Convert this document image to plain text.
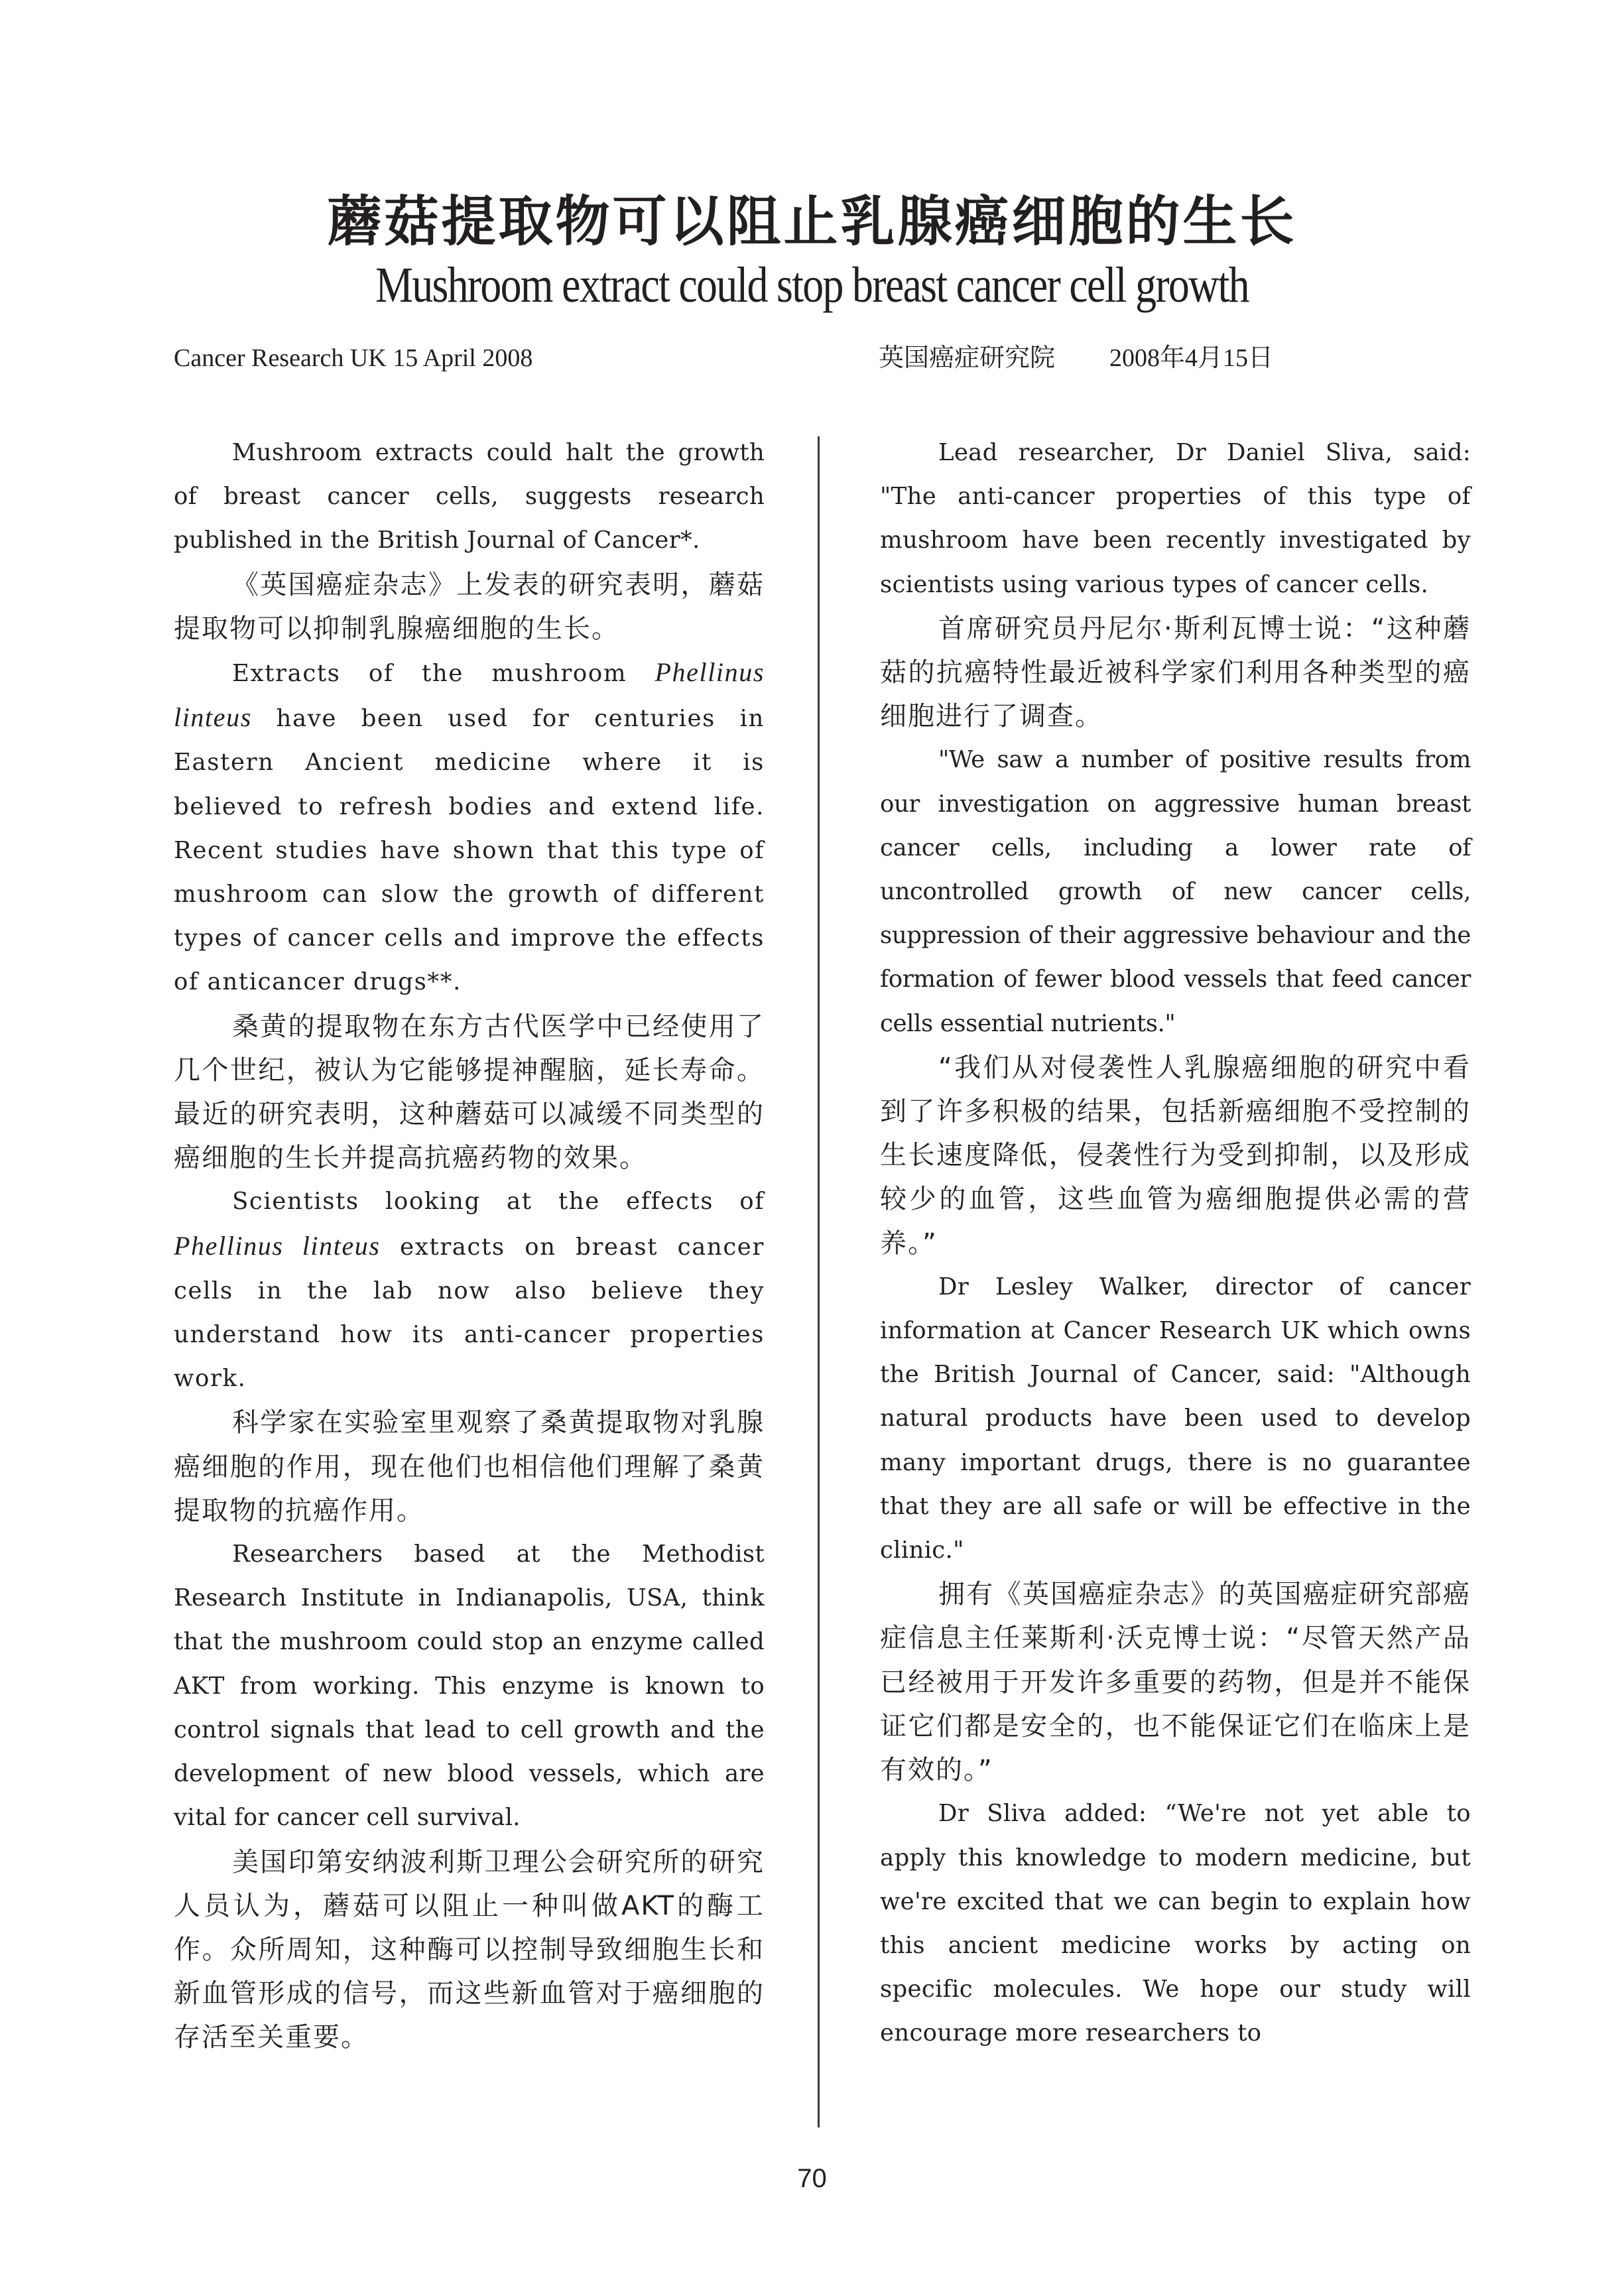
蘑菇提取物可以阻止乳腺癌细胞的生长
Mushroom extract could stop breast cancer cell growth
Cancer Research UK 15 April 2008	英国癌症研究院 2008年4月15日

Mushroom extracts could halt the growth of breast cancer cells, suggests research published in the British Journal of Cancer*.

《英国癌症杂志》上发表的研究表明，蘑菇提取物可以抑制乳腺癌细胞的生长。

Extracts of the mushroom Phellinus linteus have been used for centuries in Eastern Ancient medicine where it is believed to refresh bodies and extend life. Recent studies have shown that this type of mushroom can slow the growth of different types of cancer cells and improve the effects of anticancer drugs**.

桑黄的提取物在东方古代医学中已经使用了几个世纪，被认为它能够提神醒脑，延长寿命。最近的研究表明，这种蘑菇可以减缓不同类型的癌细胞的生长并提高抗癌药物的效果。

Scientists looking at the effects of Phellinus linteus extracts on breast cancer cells in the lab now also believe they understand how its anti-cancer properties work.

科学家在实验室里观察了桑黄提取物对乳腺癌细胞的作用，现在他们也相信他们理解了桑黄提取物的抗癌作用。

Researchers based at the Methodist Research Institute in Indianapolis, USA, think that the mushroom could stop an enzyme called AKT from working. This enzyme is known to control signals that lead to cell growth and the development of new blood vessels, which are vital for cancer cell survival.

美国印第安纳波利斯卫理公会研究所的研究人员认为，蘑菇可以阻止一种叫做AKT的酶工作。众所周知，这种酶可以控制导致细胞生长和新血管形成的信号，而这些新血管对于癌细胞的存活至关重要。

Lead researcher, Dr Daniel Sliva, said: "The anti-cancer properties of this type of mushroom have been recently investigated by scientists using various types of cancer cells.

首席研究员丹尼尔·斯利瓦博士说：“这种蘑菇的抗癌特性最近被科学家们利用各种类型的癌细胞进行了调查。

"We saw a number of positive results from our investigation on aggressive human breast cancer cells, including a lower rate of uncontrolled growth of new cancer cells, suppression of their aggressive behaviour and the formation of fewer blood vessels that feed cancer cells essential nutrients."

“我们从对侵袭性人乳腺癌细胞的研究中看到了许多积极的结果，包括新癌细胞不受控制的生长速度降低，侵袭性行为受到抑制，以及形成较少的血管，这些血管为癌细胞提供必需的营养。”

Dr Lesley Walker, director of cancer information at Cancer Research UK which owns the British Journal of Cancer, said: "Although natural products have been used to develop many important drugs, there is no guarantee that they are all safe or will be effective in the clinic."

拥有《英国癌症杂志》的英国癌症研究部癌症信息主任莱斯利·沃克博士说：“尽管天然产品已经被用于开发许多重要的药物，但是并不能保证它们都是安全的，也不能保证它们在临床上是有效的。”

Dr Sliva added: “We're not yet able to apply this knowledge to modern medicine, but we're excited that we can begin to explain how this ancient medicine works by acting on specific molecules. We hope our study will encourage more researchers to

70
